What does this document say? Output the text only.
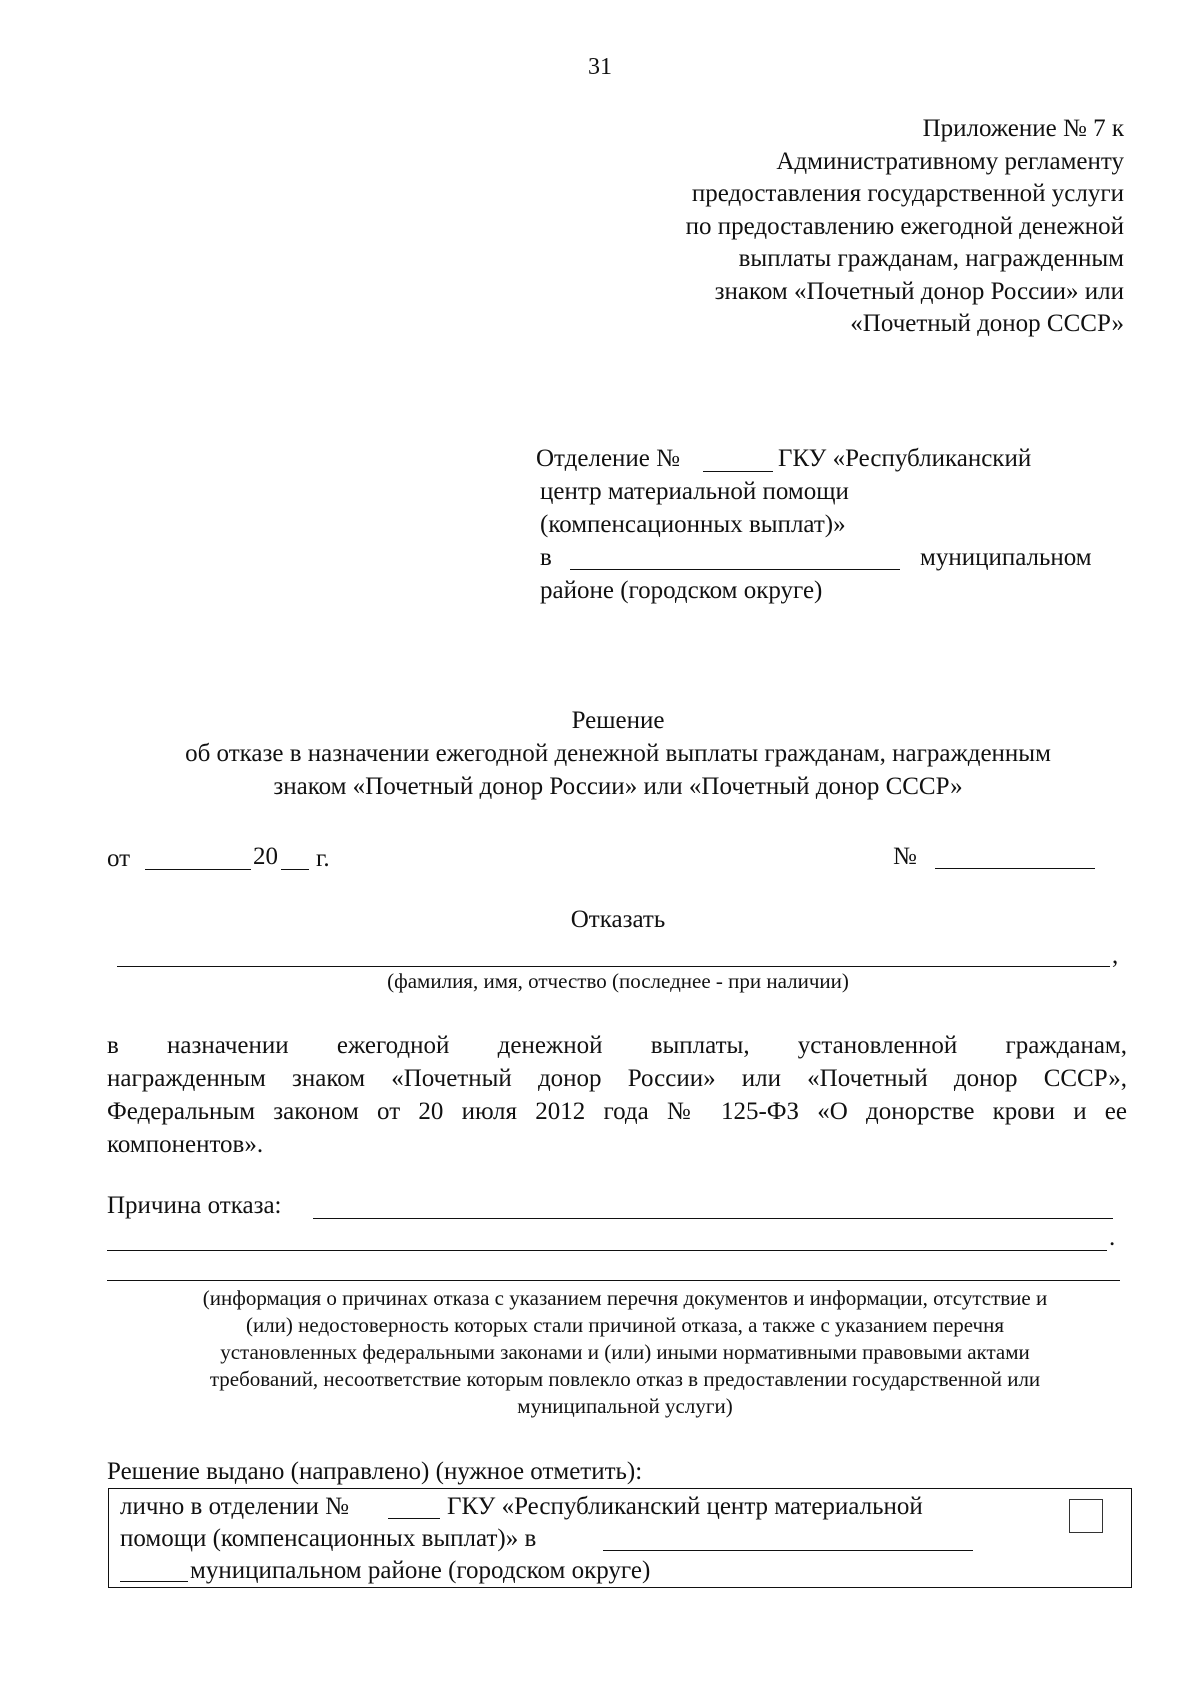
31
Приложение № 7 к
Административному регламенту
предоставления государственной услуги
по предоставлению ежегодной денежной
выплаты гражданам, награжденным
знаком «Почетный донор России» или
«Почетный донор СССР»
Отделение №	ГКУ «Республиканский
центр материальной помощи
(компенсационных выплат)»
в	муниципальном
районе (городском округе)
Решение
об отказе в назначении ежегодной денежной выплаты гражданам, награжденным
знаком «Почетный донор России» или «Почетный донор СССР»
от	20 г.	№
Отказать
,
(фамилия, имя, отчество (последнее - при наличии)
в назначении ежегодной денежной выплаты, установленной гражданам,
награжденным знаком «Почетный донор России» или «Почетный донор СССР»,
Федеральным законом от 20 июля 2012 года № 125-ФЗ «О донорстве крови и ее
компонентов».
Причина отказа:
.
(информация о причинах отказа с указанием перечня документов и информации, отсутствие и
(или) недостоверность которых стали причиной отказа, а также с указанием перечня
установленных федеральными законами и (или) иными нормативными правовыми актами
требований, несоответствие которым повлекло отказ в предоставлении государственной или
муниципальной услуги)
Решение выдано (направлено) (нужное отметить):
лично в отделении №	ГКУ «Республиканский центр материальной
помощи (компенсационных выплат)» в
муниципальном районе (городском округе)
